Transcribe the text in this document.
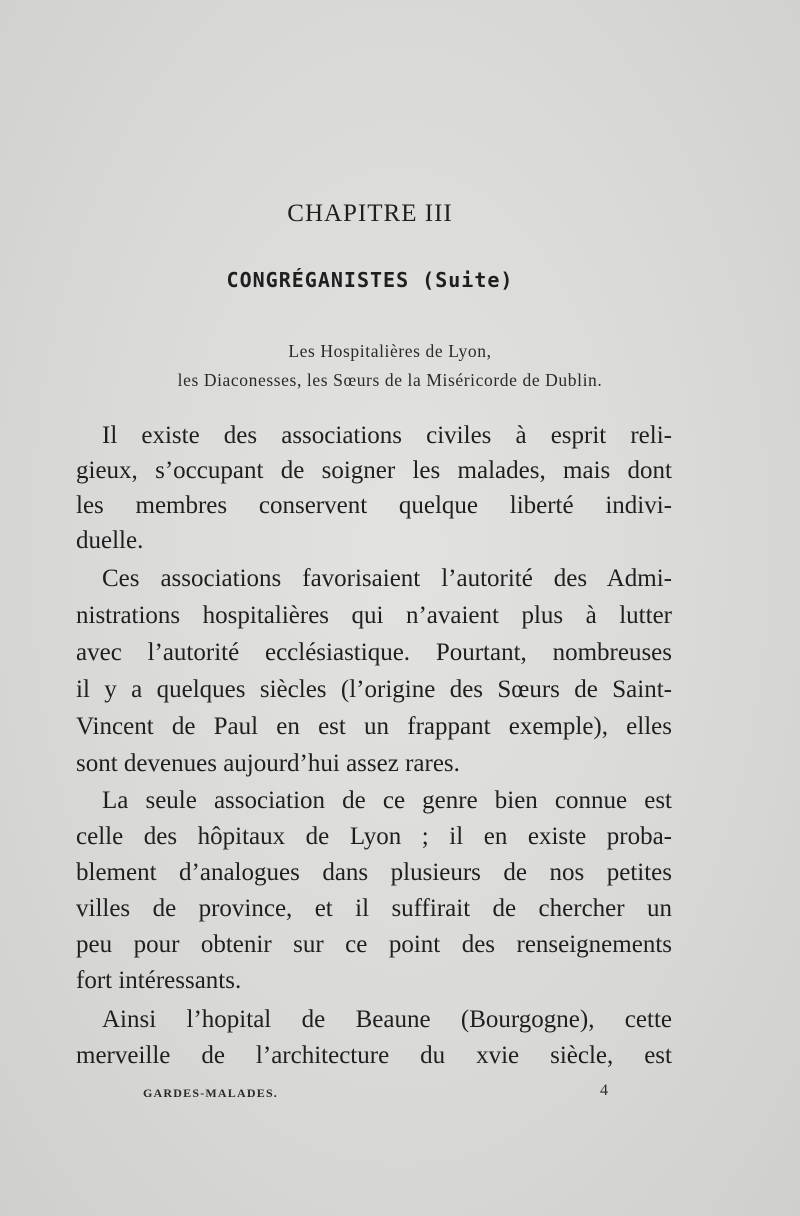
CHAPITRE III
CONGRÉGANISTES (Suite)
Les Hospitalières de Lyon,
les Diaconesses, les Sœurs de la Miséricorde de Dublin.
Il existe des associations civiles à esprit reli-
gieux, s’occupant de soigner les malades, mais dont
les membres conservent quelque liberté indivi-
duelle.
Ces associations favorisaient l’autorité des Admi-
nistrations hospitalières qui n’avaient plus à lutter
avec l’autorité ecclésiastique. Pourtant, nombreuses
il y a quelques siècles (l’origine des Sœurs de Saint-
Vincent de Paul en est un frappant exemple), elles
sont devenues aujourd’hui assez rares.
La seule association de ce genre bien connue est
celle des hôpitaux de Lyon ; il en existe proba-
blement d’analogues dans plusieurs de nos petites
villes de province, et il suffirait de chercher un
peu pour obtenir sur ce point des renseignements
fort intéressants.
Ainsi l’hopital de Beaune (Bourgogne), cette
merveille de l’architecture du xvie siècle, est
GARDES-MALADES.	4
